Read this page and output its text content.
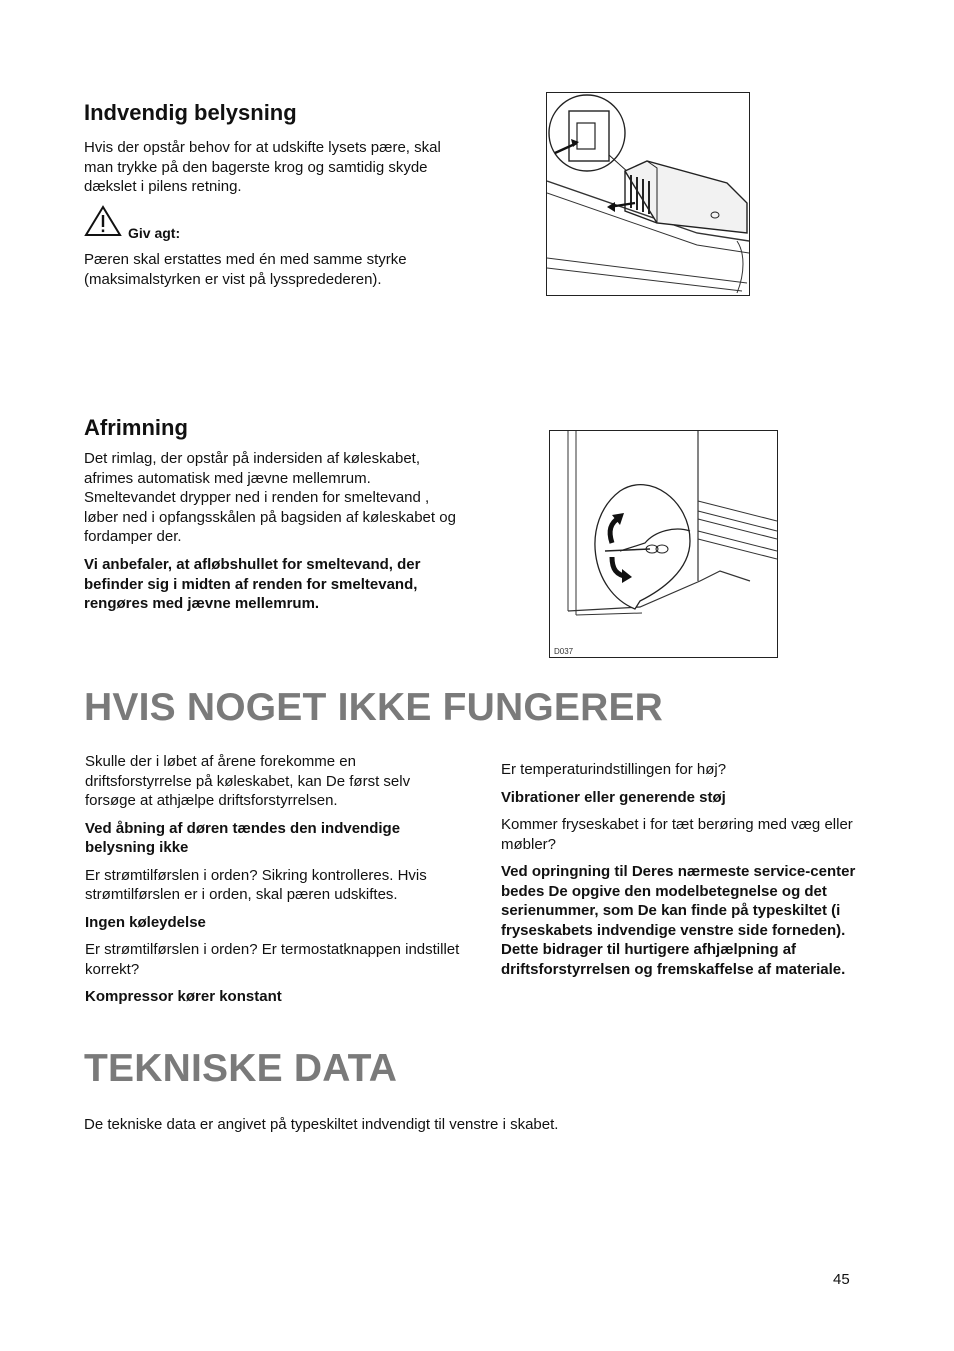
Indvendig belysning

Hvis der opstår behov for at udskifte lysets pære, skal man trykke på den bagerste krog og samtidig skyde dækslet i pilens retning.

Giv agt:

Pæren skal erstattes med én med samme styrke (maksimalstyrken er vist på lysspredederen).

Afrimning

Det rimlag, der opstår på indersiden af køleskabet, afrimes automatisk med jævne mellemrum. Smeltevandet drypper ned i renden for smeltevand , løber ned i opfangsskålen på bagsiden af køleskabet og fordamper der.

Vi anbefaler, at afløbshullet for smeltevand, der befinder sig i midten af renden for smeltevand, rengøres med jævne mellemrum.

D037
HVIS NOGET IKKE FUNGERER

Skulle der i løbet af årene forekomme en driftsforstyrrelse på køleskabet, kan De først selv forsøge at athjælpe driftsforstyrrelsen.

Ved åbning af døren tændes den indvendige belysning ikke

Er strømtilførslen i orden? Sikring kontrolleres. Hvis strømtilførslen er i orden, skal pæren udskiftes.

Ingen køleydelse

Er strømtilførslen i orden? Er termostatknappen indstillet korrekt?

Kompressor kører konstant

Er temperaturindstillingen for høj?

Vibrationer eller generende støj

Kommer fryseskabet i for tæt berøring med væg eller møbler?

Ved opringning til Deres nærmeste service-center bedes De opgive den modelbetegnelse og det serienummer, som De kan finde på typeskiltet (i fryseskabets indvendige venstre side forneden). Dette bidrager til hurtigere afhjælpning af driftsforstyrrelsen og fremskaffelse af materiale.

TEKNISKE DATA

De tekniske data er angivet på typeskiltet indvendigt til venstre i skabet.

45
